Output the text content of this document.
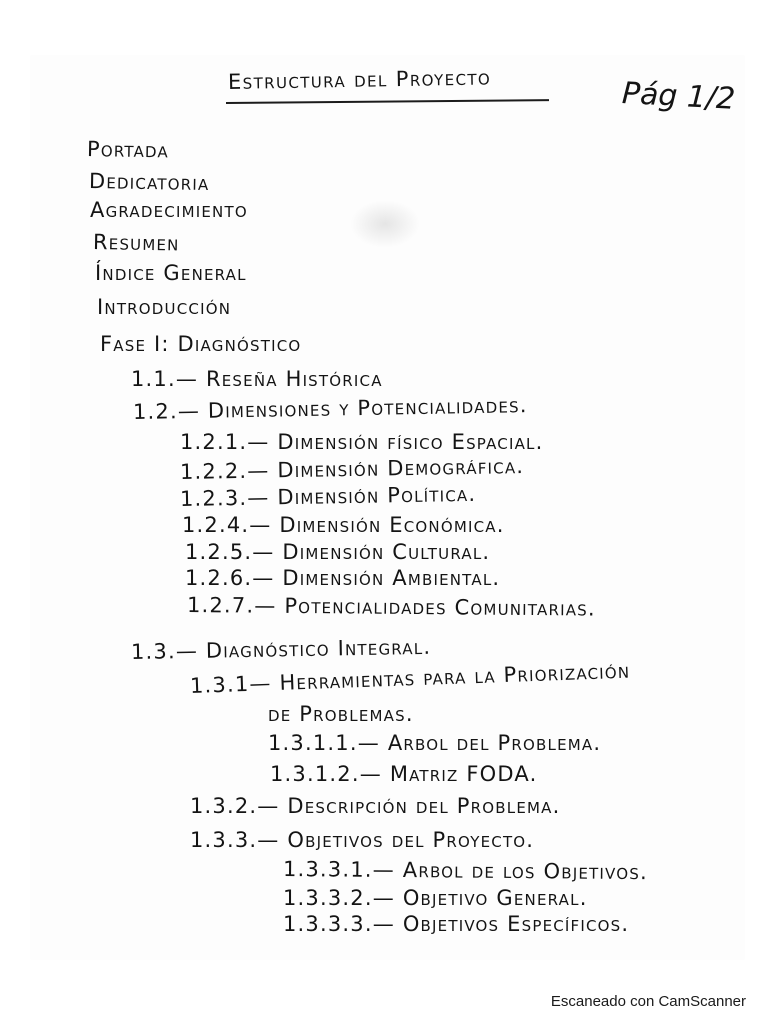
Estructura del Proyecto	Pág 1/2
Portada
Dedicatoria
Agradecimiento
Resumen
Índice General
Introducción
Fase I: Diagnóstico
1.1.— Reseña Histórica
1.2.— Dimensiones y Potencialidades.
1.2.1.— Dimensión físico Espacial.
1.2.2.— Dimensión Demográfica.
1.2.3.— Dimensión Política.
1.2.4.— Dimensión Económica.
1.2.5.— Dimensión Cultural.
1.2.6.— Dimensión Ambiental.
1.2.7.— Potencialidades Comunitarias.
1.3.— Diagnóstico Integral.
1.3.1— Herramientas para la Priorización
de Problemas.
1.3.1.1.— Arbol del Problema.
1.3.1.2.— Matriz FODA.
1.3.2.— Descripción del Problema.
1.3.3.— Objetivos del Proyecto.
1.3.3.1.— Arbol de los Objetivos.
1.3.3.2.— Objetivo General.
1.3.3.3.— Objetivos Específicos.
Escaneado con CamScanner
